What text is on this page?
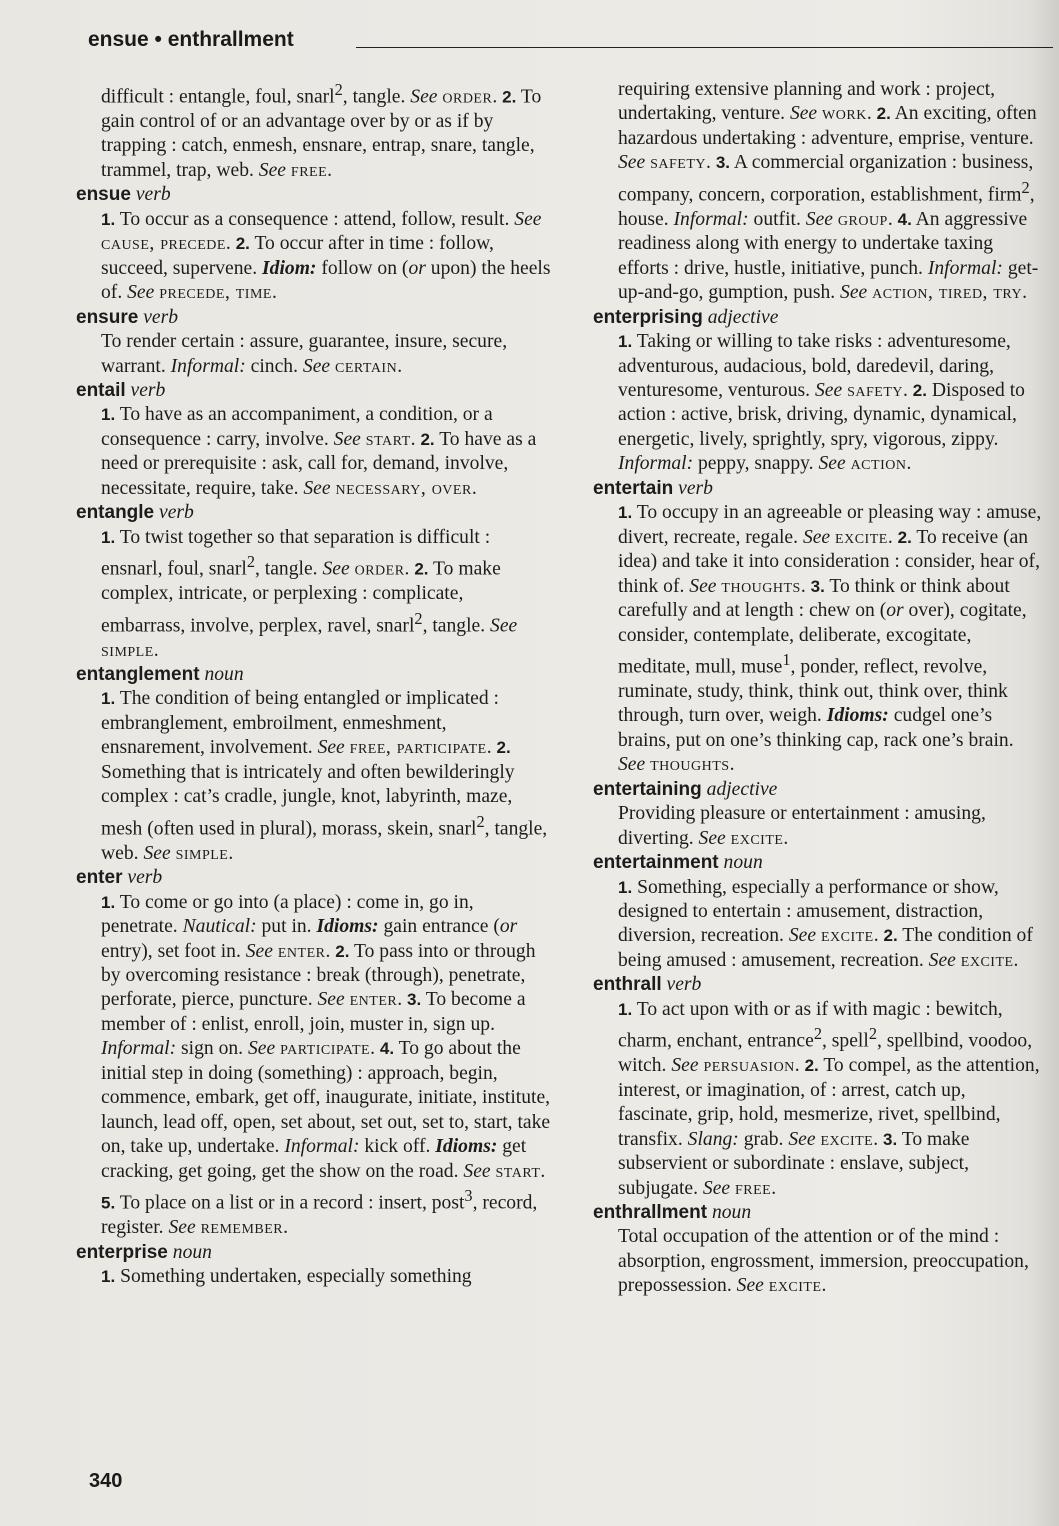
ensue • enthrallment
difficult : entangle, foul, snarl$^2$, tangle. See order. 2. To gain control of or an advantage over by or as if by trapping : catch, enmesh, ensnare, entrap, snare, tangle, trammel, trap, web. See free.
ensue verb
1. To occur as a consequence : attend, follow, result. See cause, precede. 2. To occur after in time : follow, succeed, supervene. Idiom: follow on (or upon) the heels of. See precede, time.
ensure verb
To render certain : assure, guarantee, insure, secure, warrant. Informal: cinch. See certain.
entail verb
1. To have as an accompaniment, a condition, or a consequence : carry, involve. See start. 2. To have as a need or prerequisite : ask, call for, demand, involve, necessitate, require, take. See necessary, over.
entangle verb
1. To twist together so that separation is difficult : ensnarl, foul, snarl$^2$, tangle. See order. 2. To make complex, intricate, or perplexing : complicate, embarrass, involve, perplex, ravel, snarl$^2$, tangle. See simple.
entanglement noun
1. The condition of being entangled or implicated : embranglement, embroilment, enmeshment, ensnarement, involvement. See free, participate. 2. Something that is intricately and often bewilderingly complex : cat’s cradle, jungle, knot, labyrinth, maze, mesh (often used in plural), morass, skein, snarl$^2$, tangle, web. See simple.
enter verb
1. To come or go into (a place) : come in, go in, penetrate. Nautical: put in. Idioms: gain entrance (or entry), set foot in. See enter. 2. To pass into or through by overcoming resistance : break (through), penetrate, perforate, pierce, puncture. See enter. 3. To become a member of : enlist, enroll, join, muster in, sign up. Informal: sign on. See participate. 4. To go about the initial step in doing (something) : approach, begin, commence, embark, get off, inaugurate, initiate, institute, launch, lead off, open, set about, set out, set to, start, take on, take up, undertake. Informal: kick off. Idioms: get cracking, get going, get the show on the road. See start. 5. To place on a list or in a record : insert, post$^3$, record, register. See remember.
enterprise noun
1. Something undertaken, especially something
requiring extensive planning and work : project, undertaking, venture. See work. 2. An exciting, often hazardous undertaking : adventure, emprise, venture. See safety. 3. A commercial organization : business, company, concern, corporation, establishment, firm$^2$, house. Informal: outfit. See group. 4. An aggressive readiness along with energy to undertake taxing efforts : drive, hustle, initiative, punch. Informal: get-up-and-go, gumption, push. See action, tired, try.
enterprising adjective
1. Taking or willing to take risks : adventuresome, adventurous, audacious, bold, daredevil, daring, venturesome, venturous. See safety. 2. Disposed to action : active, brisk, driving, dynamic, dynamical, energetic, lively, sprightly, spry, vigorous, zippy. Informal: peppy, snappy. See action.
entertain verb
1. To occupy in an agreeable or pleasing way : amuse, divert, recreate, regale. See excite. 2. To receive (an idea) and take it into consideration : consider, hear of, think of. See thoughts. 3. To think or think about carefully and at length : chew on (or over), cogitate, consider, contemplate, deliberate, excogitate, meditate, mull, muse$^1$, ponder, reflect, revolve, ruminate, study, think, think out, think over, think through, turn over, weigh. Idioms: cudgel one’s brains, put on one’s thinking cap, rack one’s brain. See thoughts.
entertaining adjective
Providing pleasure or entertainment : amusing, diverting. See excite.
entertainment noun
1. Something, especially a performance or show, designed to entertain : amusement, distraction, diversion, recreation. See excite. 2. The condition of being amused : amusement, recreation. See excite.
enthrall verb
1. To act upon with or as if with magic : bewitch, charm, enchant, entrance$^2$, spell$^2$, spellbind, voodoo, witch. See persuasion. 2. To compel, as the attention, interest, or imagination, of : arrest, catch up, fascinate, grip, hold, mesmerize, rivet, spellbind, transfix. Slang: grab. See excite. 3. To make subservient or subordinate : enslave, subject, subjugate. See free.
enthrallment noun
Total occupation of the attention or of the mind : absorption, engrossment, immersion, preoccupation, prepossession. See excite.
340
